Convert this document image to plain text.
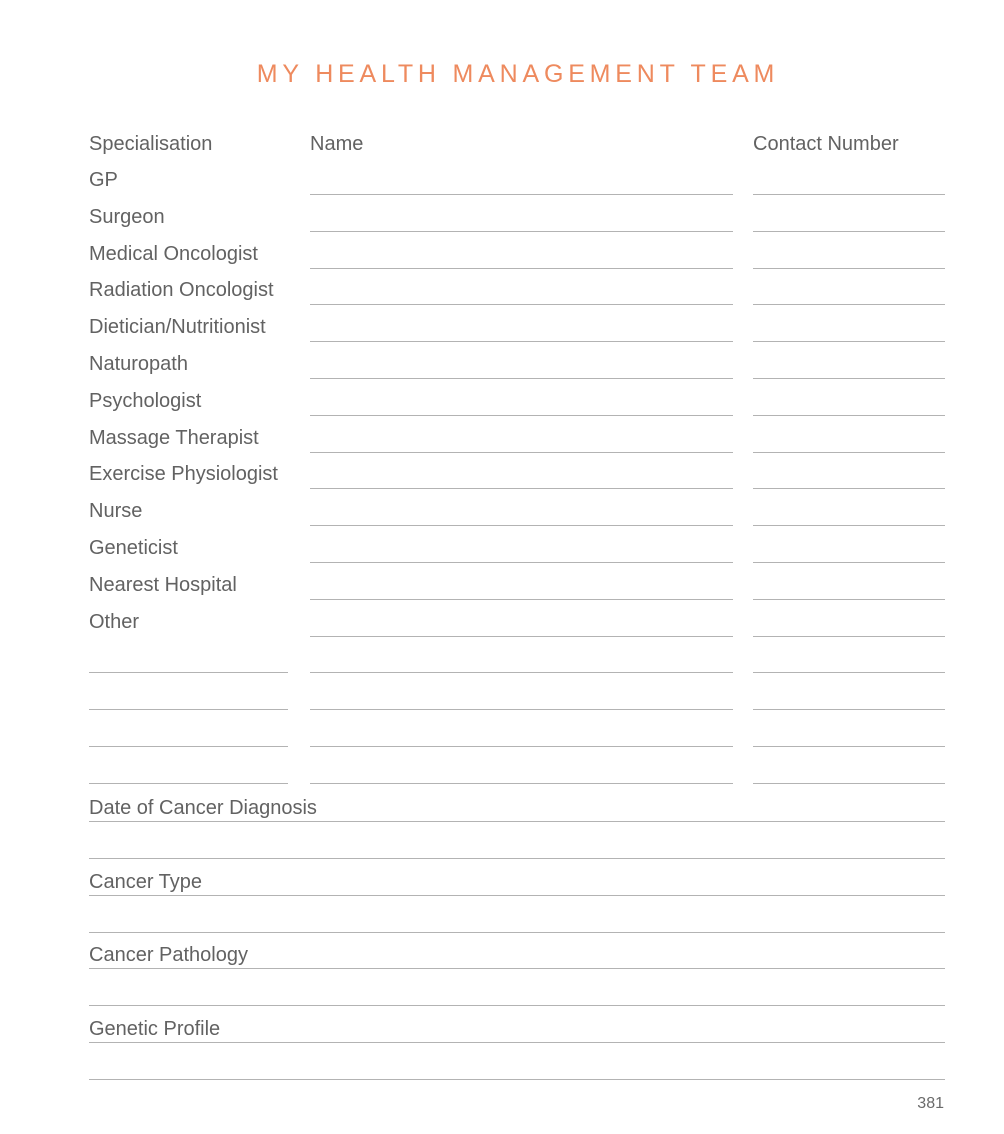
MY HEALTH MANAGEMENT TEAM
Specialisation	Name	Contact Number
GP
Surgeon
Medical Oncologist
Radiation Oncologist
Dietician/Nutritionist
Naturopath
Psychologist
Massage Therapist
Exercise Physiologist
Nurse
Geneticist
Nearest Hospital
Other
Date of Cancer Diagnosis
Cancer Type
Cancer Pathology
Genetic Profile
381
